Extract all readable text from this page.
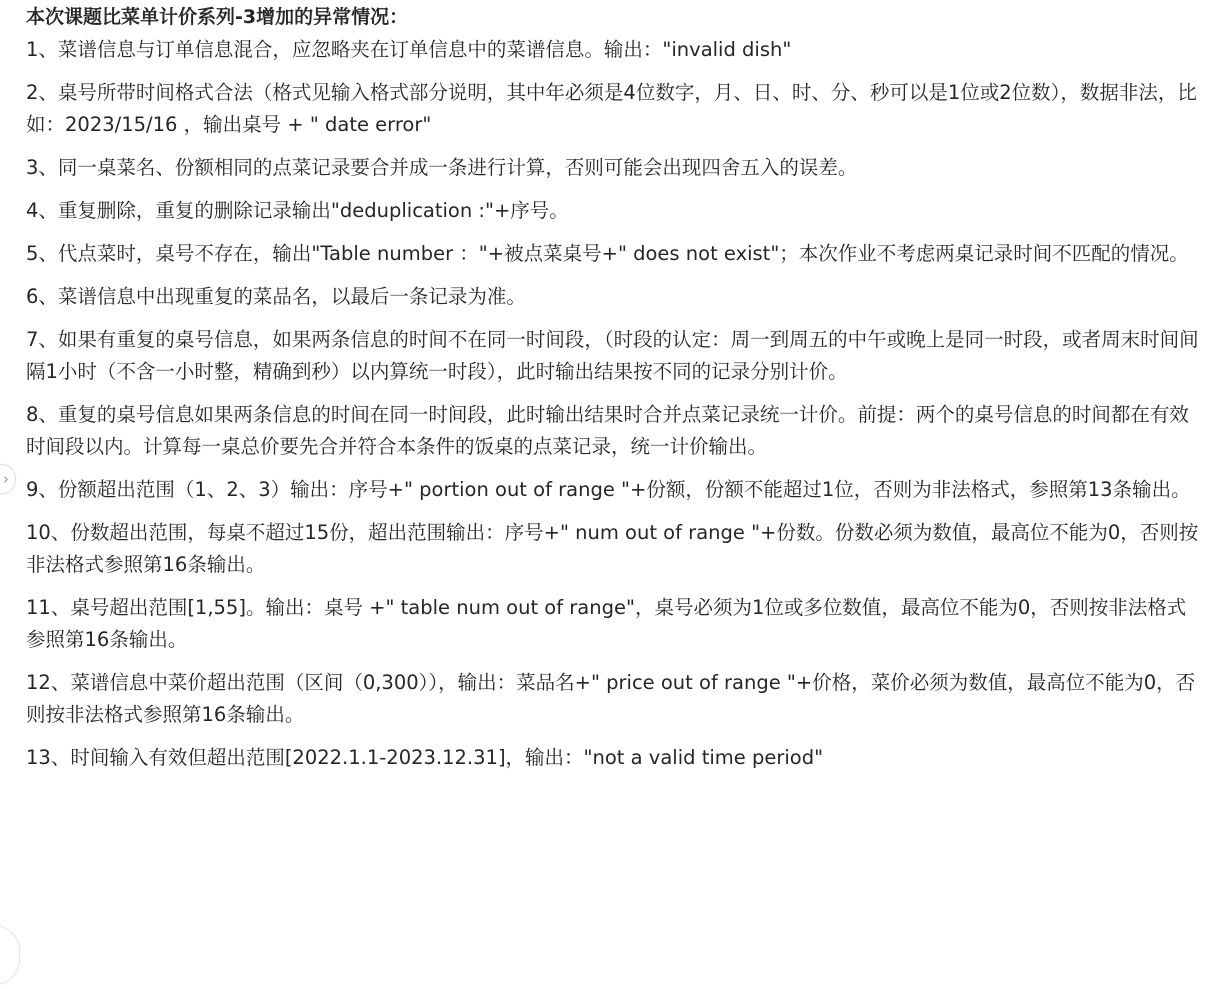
本次课题比菜单计价系列-3增加的异常情况：

1、菜谱信息与订单信息混合，应忽略夹在订单信息中的菜谱信息。输出："invalid dish"

2、桌号所带时间格式合法（格式见输入格式部分说明，其中年必须是4位数字，月、日、时、分、秒可以是1位或2位数），数据非法，比如：2023/15/16 ，输出桌号 + " date error"

3、同一桌菜名、份额相同的点菜记录要合并成一条进行计算，否则可能会出现四舍五入的误差。

4、重复删除，重复的删除记录输出"deduplication :"+序号。

5、代点菜时，桌号不存在，输出"Table number ："+被点菜桌号+" does not exist"；本次作业不考虑两桌记录时间不匹配的情况。

6、菜谱信息中出现重复的菜品名，以最后一条记录为准。

7、如果有重复的桌号信息，如果两条信息的时间不在同一时间段，（时段的认定：周一到周五的中午或晚上是同一时段，或者周末时间间隔1小时（不含一小时整，精确到秒）以内算统一时段），此时输出结果按不同的记录分别计价。

8、重复的桌号信息如果两条信息的时间在同一时间段，此时输出结果时合并点菜记录统一计价。前提：两个的桌号信息的时间都在有效时间段以内。计算每一桌总价要先合并符合本条件的饭桌的点菜记录，统一计价输出。

9、份额超出范围（1、2、3）输出：序号+" portion out of range "+份额，份额不能超过1位，否则为非法格式，参照第13条输出。

10、份数超出范围，每桌不超过15份，超出范围输出：序号+" num out of range "+份数。份数必须为数值，最高位不能为0，否则按非法格式参照第16条输出。

11、桌号超出范围[1,55]。输出：桌号 +" table num out of range"，桌号必须为1位或多位数值，最高位不能为0，否则按非法格式参照第16条输出。

12、菜谱信息中菜价超出范围（区间（0,300）），输出：菜品名+" price out of range "+价格，菜价必须为数值，最高位不能为0，否则按非法格式参照第16条输出。

13、时间输入有效但超出范围[2022.1.1-2023.12.31]，输出："not a valid time period"

›
